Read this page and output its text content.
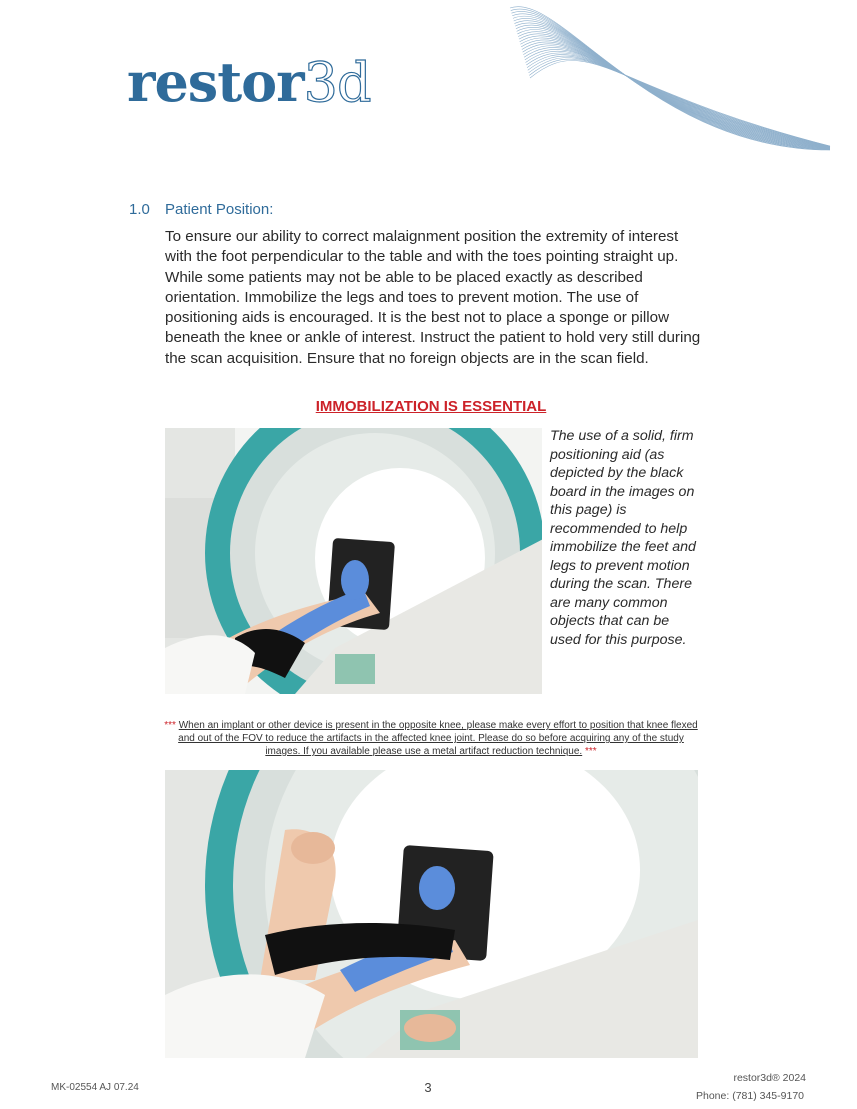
restor3d
1.0 Patient Position:
To ensure our ability to correct malaignment position the extremity of interest with the foot perpendicular to the table and with the toes pointing straight up. While some patients may not be able to be placed exactly as described orientation. Immobilize the legs and toes to prevent motion. The use of positioning aids is encouraged. It is the best not to place a sponge or pillow beneath the knee or ankle of interest. Instruct the patient to hold very still during the scan acquisition. Ensure that no foreign objects are in the scan field.
IMMOBILIZATION IS ESSENTIAL
The use of a solid, firm positioning aid (as depicted by the black board in the images on this page) is recommended to help immobilize the feet and legs to prevent motion during the scan. There are many common objects that can be used for this purpose.
*** When an implant or other device is present in the opposite knee, please make every effort to position that knee flexed and out of the FOV to reduce the artifacts in the affected knee joint. Please do so before acquiring any of the study images. If you available please use a metal artifact reduction technique. ***
MK-02554 AJ 07.24	3
restor3d® 2024
Phone: (781) 345-9170
